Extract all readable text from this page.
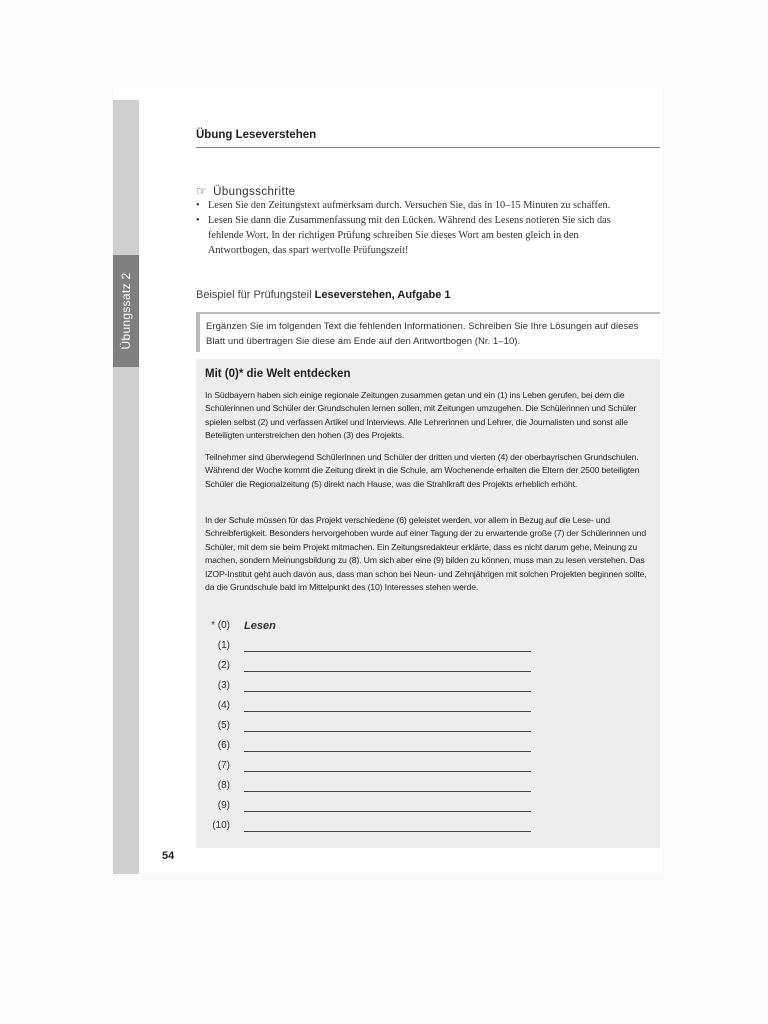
Übungssatz 2
Übung Leseverstehen
☞ Übungsschritte
• Lesen Sie den Zeitungstext aufmerksam durch. Versuchen Sie, das in 10–15 Minuten zu schaffen.
• Lesen Sie dann die Zusammenfassung mit den Lücken. Während des Lesens notieren Sie sich das fehlende Wort. In der richtigen Prüfung schreiben Sie dieses Wort am besten gleich in den Antwortbogen, das spart wertvolle Prüfungszeit!
Beispiel für Prüfungsteil Leseverstehen, Aufgabe 1
Ergänzen Sie im folgenden Text die fehlenden Informationen. Schreiben Sie Ihre Lösungen auf dieses Blatt und übertragen Sie diese am Ende auf den Antwortbogen (Nr. 1–10).
Mit (0)* die Welt entdecken

In Südbayern haben sich einige regionale Zeitungen zusammen getan und ein (1) ins Leben gerufen, bei dem die Schülerinnen und Schüler der Grundschulen lernen sollen, mit Zeitungen umzugehen. Die Schülerinnen und Schüler spielen selbst (2) und verfassen Artikel und Interviews. Alle Lehrerinnen und Lehrer, die Journalisten und sonst alle Beteiligten unterstreichen den hohen (3) des Projekts.

Teilnehmer sind überwiegend Schülerinnen und Schüler der dritten und vierten (4) der oberbayrischen Grundschulen. Während der Woche kommt die Zeitung direkt in die Schule, am Wochenende erhalten die Eltern der 2500 beteiligten Schüler die Regionalzeitung (5) direkt nach Hause, was die Strahlkraft des Projekts erheblich erhöht.

In der Schule müssen für das Projekt verschiedene (6) geleistet werden, vor allem in Bezug auf die Lese- und Schreibfertigkeit. Besonders hervorgehoben wurde auf einer Tagung der zu erwartende große (7) der Schülerinnen und Schüler, mit dem sie beim Projekt mitmachen. Ein Zeitungsredakteur erklärte, dass es nicht darum gehe, Meinung zu machen, sondern Meinungsbildung zu (8). Um sich aber eine (9) bilden zu können, muss man zu lesen verstehen. Das IZOP-Institut geht auch davon aus, dass man schon bei Neun- und Zehnjährigen mit solchen Projekten beginnen sollte, da die Grundschule bald im Mittelpunkt des (10) Interesses stehen werde.

* (0) Lesen
(1)
(2)
(3)
(4)
(5)
(6)
(7)
(8)
(9)
(10)
54
